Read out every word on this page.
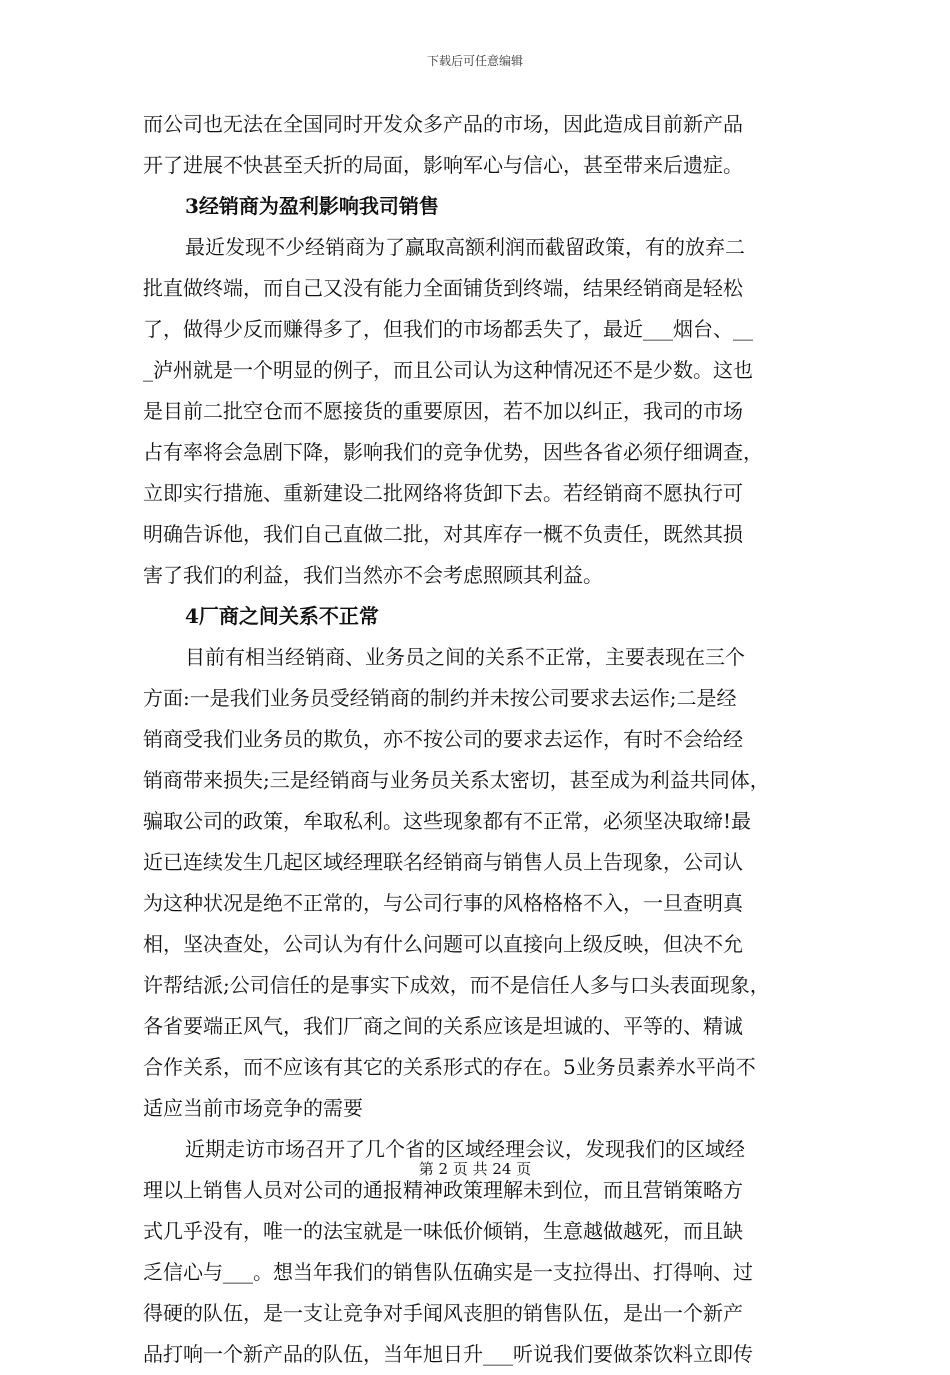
下载后可任意编辑
而公司也无法在全国同时开发众多产品的市场，因此造成目前新产品
开了进展不快甚至夭折的局面，影响军心与信心，甚至带来后遗症。
3经销商为盈利影响我司销售
最近发现不少经销商为了赢取高额利润而截留政策，有的放弃二
批直做终端，而自己又没有能力全面铺货到终端，结果经销商是轻松
了，做得少反而赚得多了，但我们的市场都丢失了，最近___烟台、__
_泸州就是一个明显的例子，而且公司认为这种情况还不是少数。这也
是目前二批空仓而不愿接货的重要原因，若不加以纠正，我司的市场
占有率将会急剧下降，影响我们的竞争优势，因些各省必须仔细调查，
立即实行措施、重新建设二批网络将货卸下去。若经销商不愿执行可
明确告诉他，我们自己直做二批，对其库存一概不负责任，既然其损
害了我们的利益，我们当然亦不会考虑照顾其利益。
4厂商之间关系不正常
目前有相当经销商、业务员之间的关系不正常，主要表现在三个
方面:一是我们业务员受经销商的制约并未按公司要求去运作;二是经
销商受我们业务员的欺负，亦不按公司的要求去运作，有时不会给经
销商带来损失;三是经销商与业务员关系太密切，甚至成为利益共同体，
骗取公司的政策，牟取私利。这些现象都有不正常，必须坚决取缔!最
近已连续发生几起区域经理联名经销商与销售人员上告现象，公司认
为这种状况是绝不正常的，与公司行事的风格格格不入，一旦查明真
相，坚决查处，公司认为有什么问题可以直接向上级反映，但决不允
许帮结派;公司信任的是事实下成效，而不是信任人多与口头表面现象，
各省要端正风气，我们厂商之间的关系应该是坦诚的、平等的、精诚
合作关系，而不应该有其它的关系形式的存在。5业务员素养水平尚不
适应当前市场竞争的需要
近期走访市场召开了几个省的区域经理会议，发现我们的区域经
理以上销售人员对公司的通报精神政策理解未到位，而且营销策略方
式几乎没有，唯一的法宝就是一味低价倾销，生意越做越死，而且缺
乏信心与___。想当年我们的销售队伍确实是一支拉得出、打得响、过
得硬的队伍，是一支让竞争对手闻风丧胆的销售队伍，是出一个新产
品打响一个新产品的队伍，当年旭日升___听说我们要做茶饮料立即传
第 2 页 共 24 页
